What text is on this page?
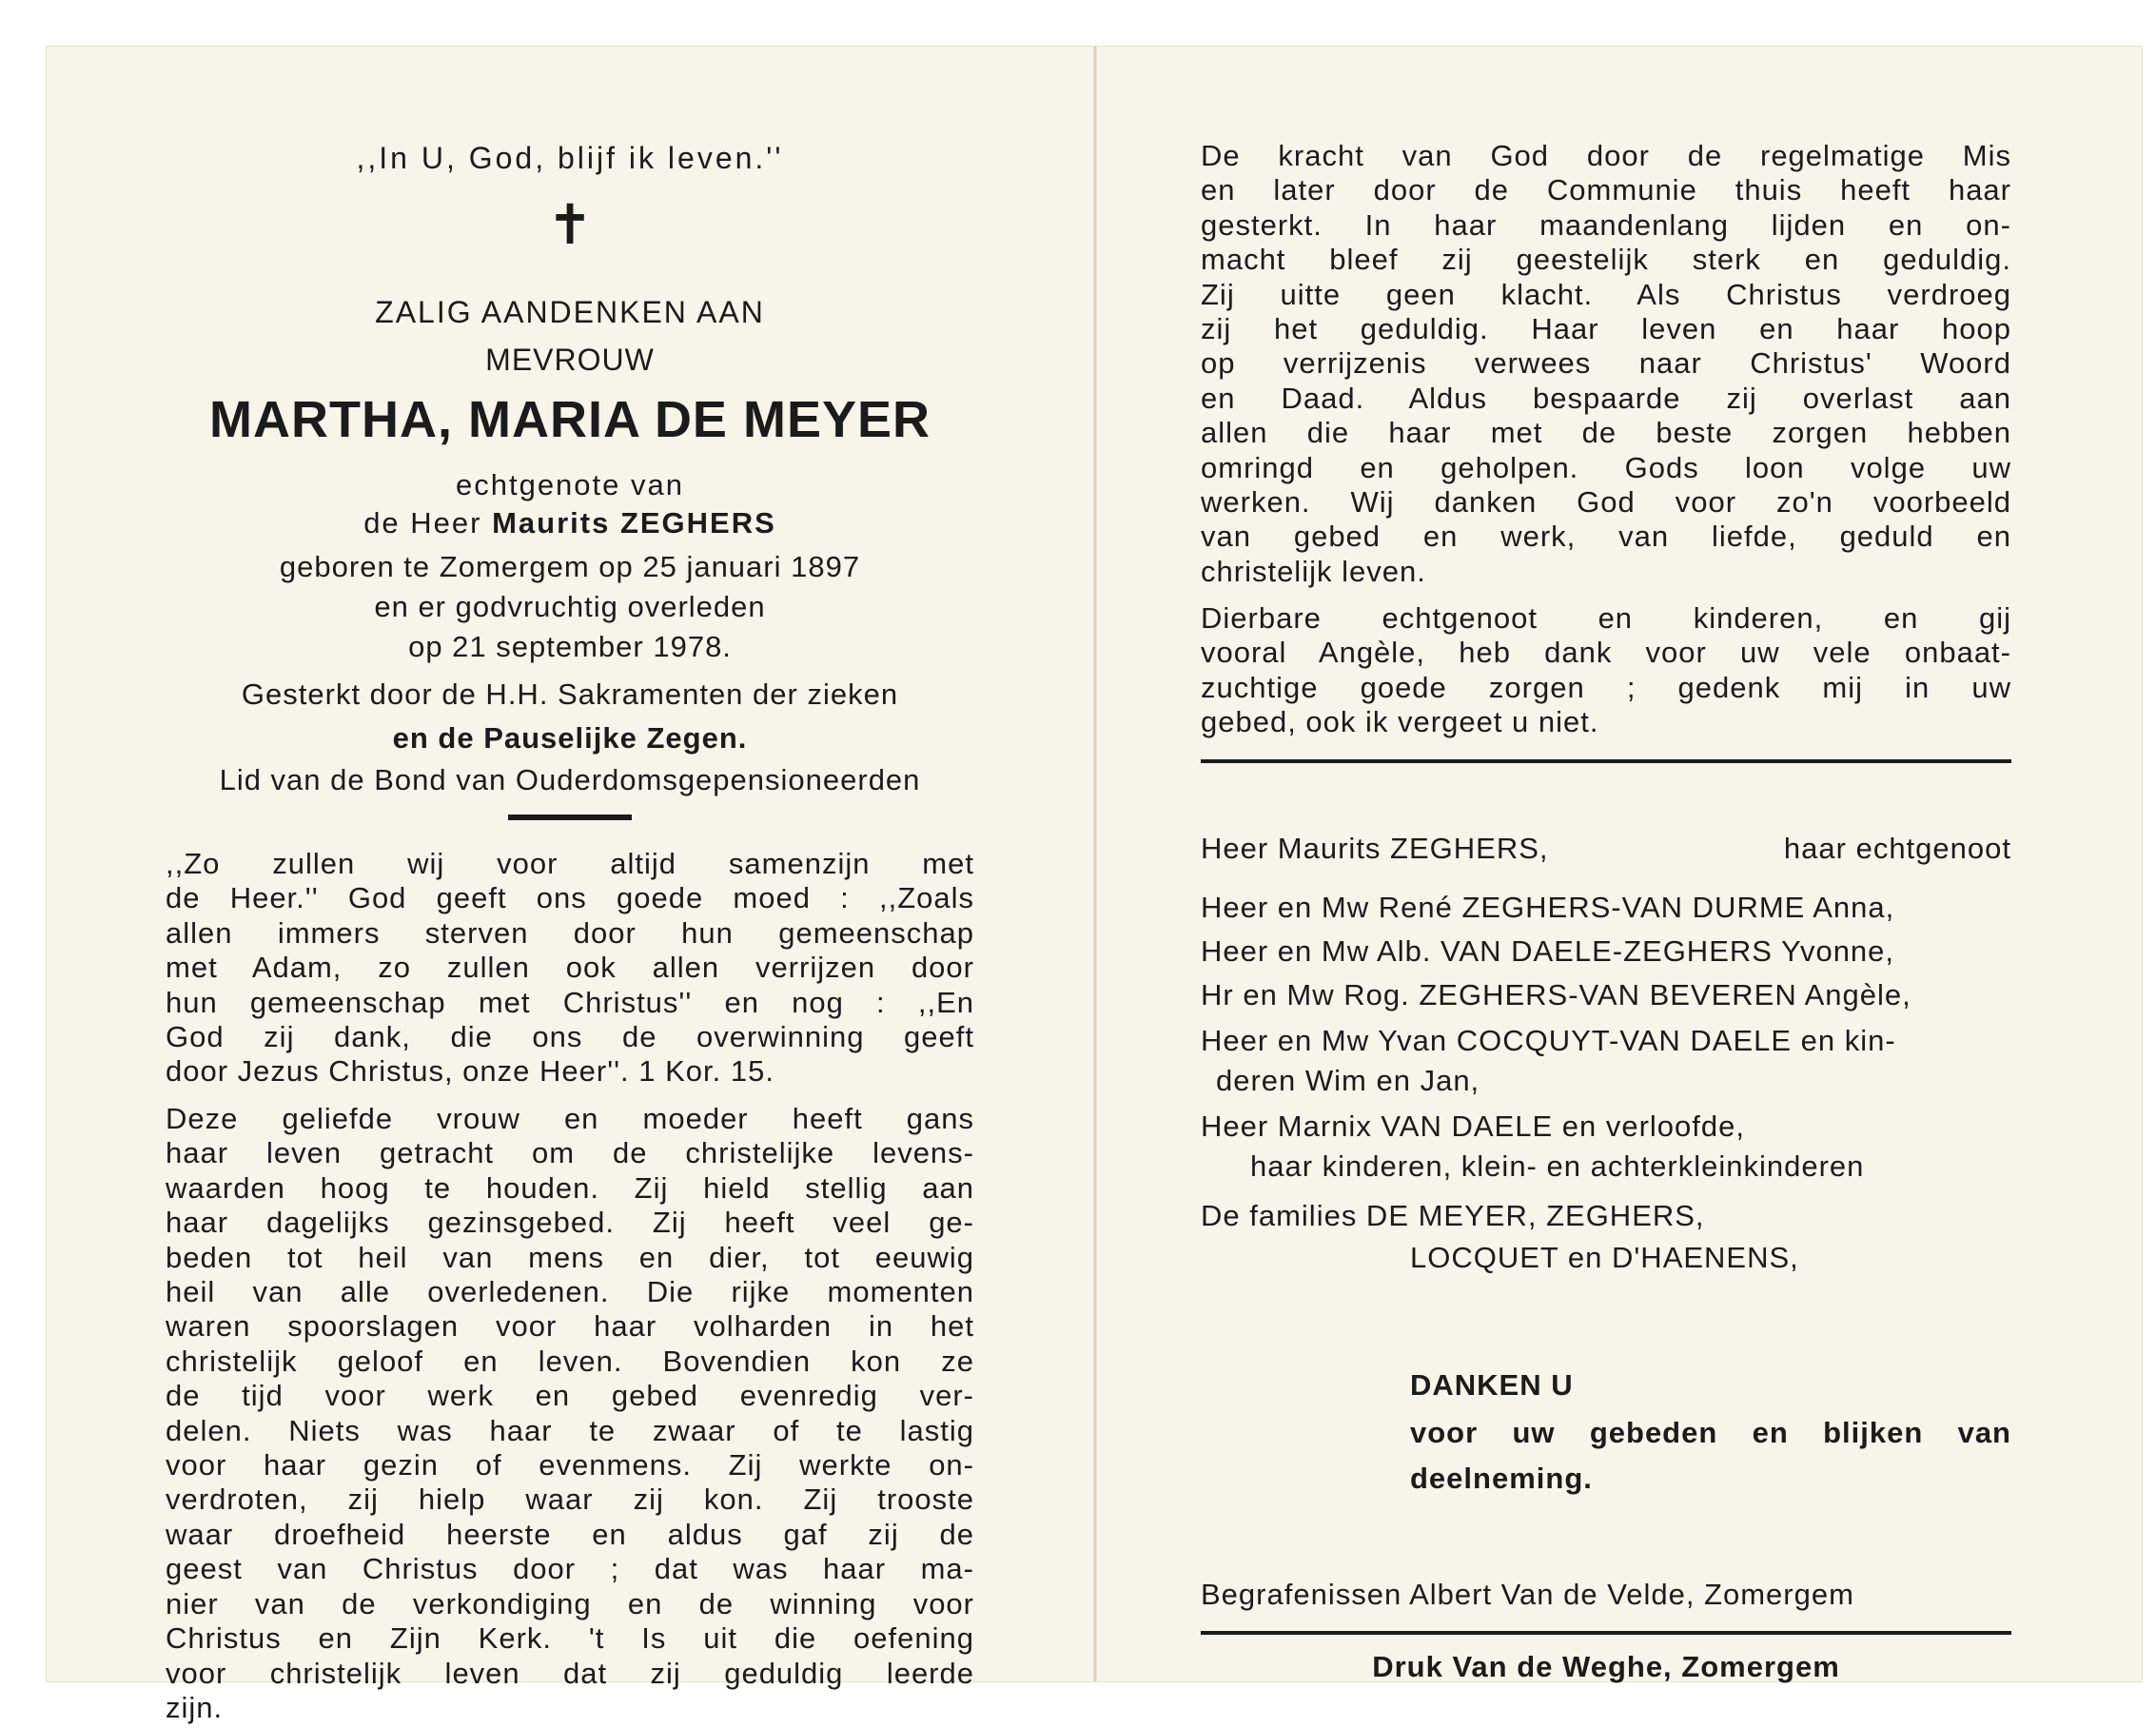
,,In U, God, blijf ik leven.''
✝
ZALIG AANDENKEN AAN
MEVROUW
MARTHA, MARIA DE MEYER
echtgenote van
de Heer Maurits ZEGHERS
geboren te Zomergem op 25 januari 1897
en er godvruchtig overleden
op 21 september 1978.
Gesterkt door de H.H. Sakramenten der zieken
en de Pauselijke Zegen.
Lid van de Bond van Ouderdomsgepensioneerden
,,Zo zullen wij voor altijd samenzijn met
de Heer.'' God geeft ons goede moed : ,,Zoals
allen immers sterven door hun gemeenschap
met Adam, zo zullen ook allen verrijzen door
hun gemeenschap met Christus'' en nog : ,,En
God zij dank, die ons de overwinning geeft
door Jezus Christus, onze Heer''. 1 Kor. 15.
Deze geliefde vrouw en moeder heeft gans
haar leven getracht om de christelijke levens-
waarden hoog te houden. Zij hield stellig aan
haar dagelijks gezinsgebed. Zij heeft veel ge-
beden tot heil van mens en dier, tot eeuwig
heil van alle overledenen. Die rijke momenten
waren spoorslagen voor haar volharden in het
christelijk geloof en leven. Bovendien kon ze
de tijd voor werk en gebed evenredig ver-
delen. Niets was haar te zwaar of te lastig
voor haar gezin of evenmens. Zij werkte on-
verdroten, zij hielp waar zij kon. Zij trooste
waar droefheid heerste en aldus gaf zij de
geest van Christus door ; dat was haar ma-
nier van de verkondiging en de winning voor
Christus en Zijn Kerk. 't Is uit die oefening
voor christelijk leven dat zij geduldig leerde
zijn.
De kracht van God door de regelmatige Mis
en later door de Communie thuis heeft haar
gesterkt. In haar maandenlang lijden en on-
macht bleef zij geestelijk sterk en geduldig.
Zij uitte geen klacht. Als Christus verdroeg
zij het geduldig. Haar leven en haar hoop
op verrijzenis verwees naar Christus' Woord
en Daad. Aldus bespaarde zij overlast aan
allen die haar met de beste zorgen hebben
omringd en geholpen. Gods loon volge uw
werken. Wij danken God voor zo'n voorbeeld
van gebed en werk, van liefde, geduld en
christelijk leven.
Dierbare echtgenoot en kinderen, en gij
vooral Angèle, heb dank voor uw vele onbaat-
zuchtige goede zorgen ; gedenk mij in uw
gebed, ook ik vergeet u niet.
Heer Maurits ZEGHERS,	haar echtgenoot
Heer en Mw René ZEGHERS-VAN DURME Anna,
Heer en Mw Alb. VAN DAELE-ZEGHERS Yvonne,
Hr en Mw Rog. ZEGHERS-VAN BEVEREN Angèle,
Heer en Mw Yvan COCQUYT-VAN DAELE en kin-
deren Wim en Jan,
Heer Marnix VAN DAELE en verloofde,
haar kinderen, klein- en achterkleinkinderen
De families DE MEYER, ZEGHERS,
LOCQUET en D'HAENENS,
DANKEN U
voor uw gebeden en blijken van
deelneming.
Begrafenissen Albert Van de Velde, Zomergem
Druk Van de Weghe, Zomergem
